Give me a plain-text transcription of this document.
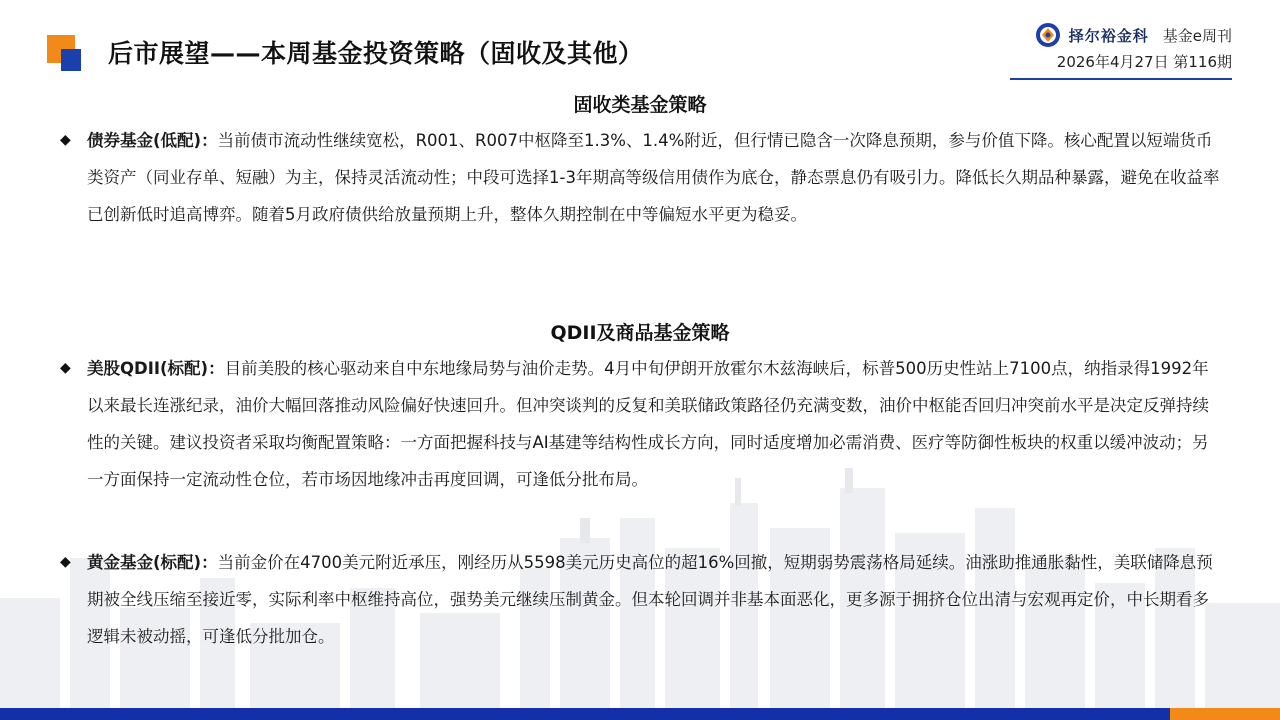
后市展望——本周基金投资策略（固收及其他）
择尔裕金科 基金e周刊
2026年4月27日 第116期
固收类基金策略
◆ 债券基金(低配)：当前债市流动性继续宽松，R001、R007中枢降至1.3%、1.4%附近，但行情已隐含一次降息预期，参与价值下降。核心配置以短端货币类资产（同业存单、短融）为主，保持灵活流动性；中段可选择1-3年期高等级信用债作为底仓，静态票息仍有吸引力。降低长久期品种暴露，避免在收益率已创新低时追高博弈。随着5月政府债供给放量预期上升，整体久期控制在中等偏短水平更为稳妥。
QDII及商品基金策略
◆ 美股QDII(标配)：目前美股的核心驱动来自中东地缘局势与油价走势。4月中旬伊朗开放霍尔木兹海峡后，标普500历史性站上7100点，纳指录得1992年以来最长连涨纪录，油价大幅回落推动风险偏好快速回升。但冲突谈判的反复和美联储政策路径仍充满变数，油价中枢能否回归冲突前水平是决定反弹持续性的关键。建议投资者采取均衡配置策略：一方面把握科技与AI基建等结构性成长方向，同时适度增加必需消费、医疗等防御性板块的权重以缓冲波动；另一方面保持一定流动性仓位，若市场因地缘冲击再度回调，可逢低分批布局。
◆ 黄金基金(标配)：当前金价在4700美元附近承压，刚经历从5598美元历史高位的超16%回撤，短期弱势震荡格局延续。油涨助推通胀黏性，美联储降息预期被全线压缩至接近零，实际利率中枢维持高位，强势美元继续压制黄金。但本轮回调并非基本面恶化，更多源于拥挤仓位出清与宏观再定价，中长期看多逻辑未被动摇，可逢低分批加仓。
